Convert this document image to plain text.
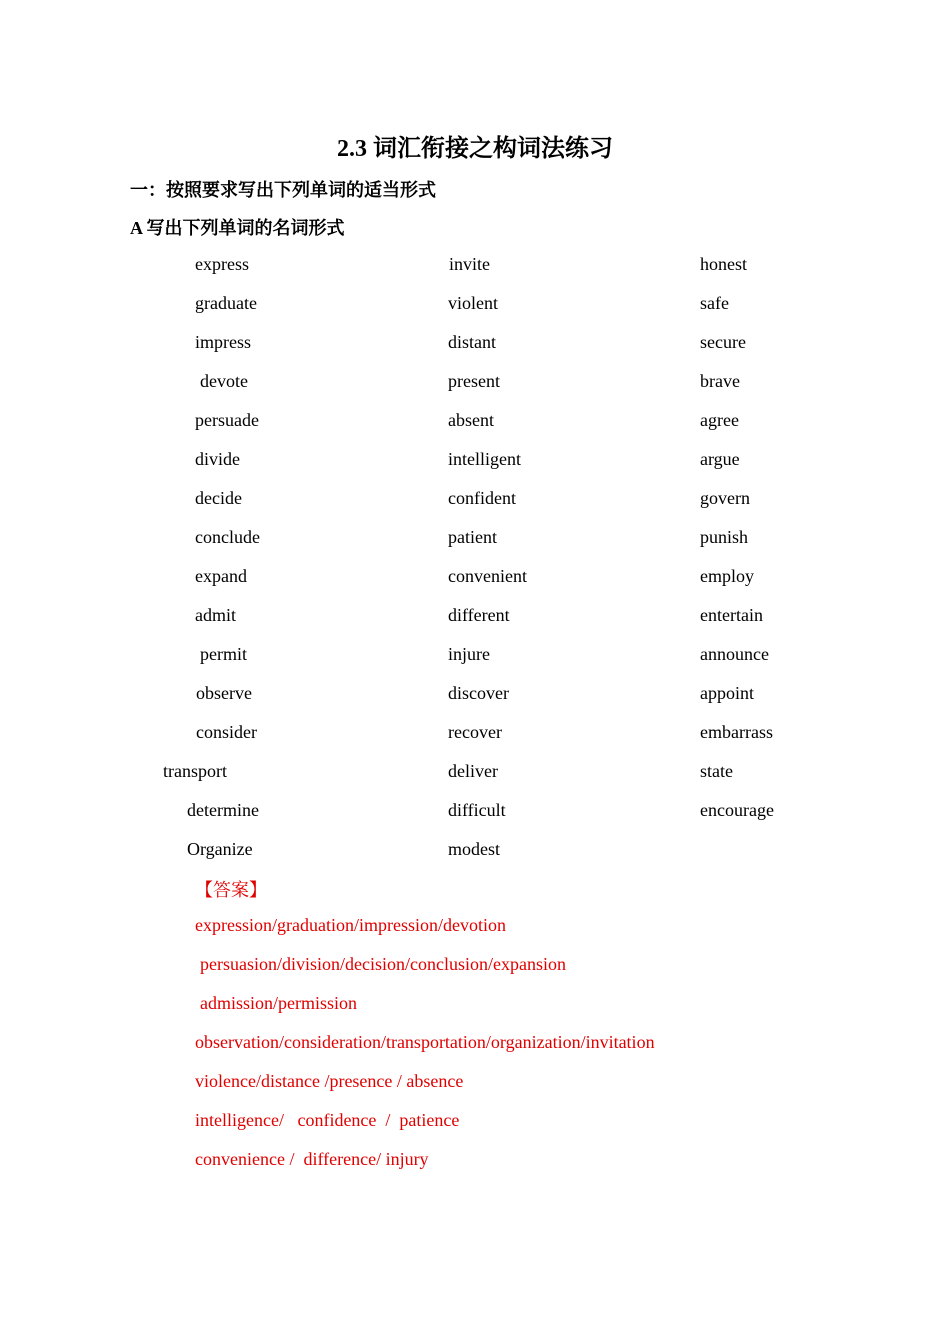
2.3 词汇衔接之构词法练习
一：按照要求写出下列单词的适当形式
A 写出下列单词的名词形式
express
graduate
impress
devote
persuade
divide
decide
conclude
expand
admit
permit
observe
consider
transport
determine
Organize
invite
violent
distant
present
absent
intelligent
confident
patient
convenient
different
injure
discover
recover
deliver
difficult
modest
honest
safe
secure
brave
agree
argue
govern
punish
employ
entertain
announce
appoint
embarrass
state
encourage
【答案】
expression/graduation/impression/devotion
persuasion/division/decision/conclusion/expansion
admission/permission
observation/consideration/transportation/organization/invitation
violence/distance /presence / absence
intelligence/   confidence  /  patience
convenience /  difference/ injury
